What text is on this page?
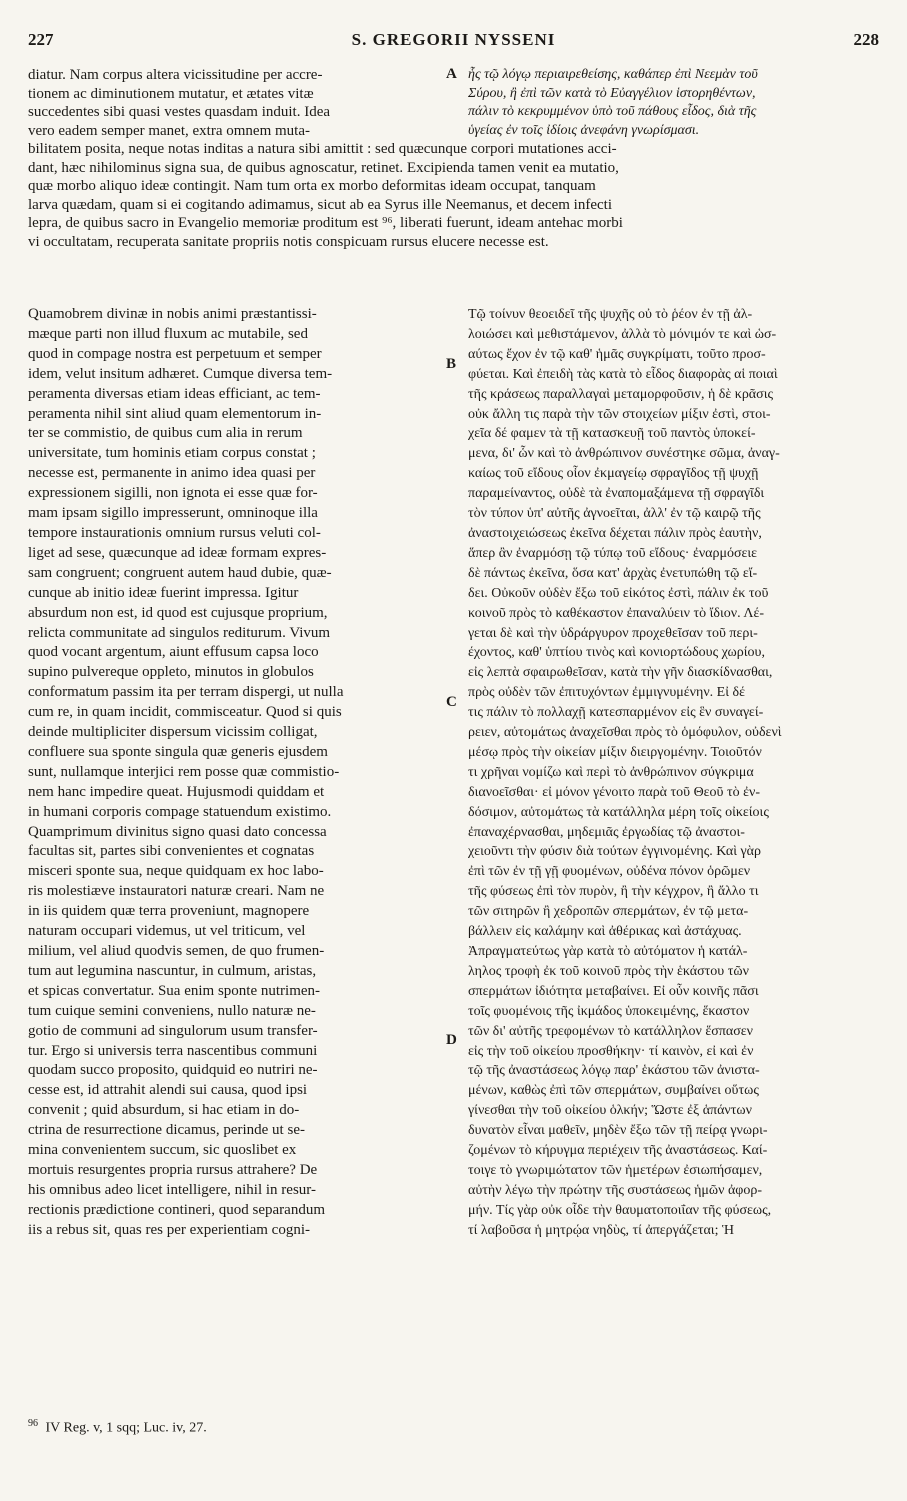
227	S. GREGORII NYSSENI	228
diatur. Nam corpus altera vicissitudine per accre-
tionem ac diminutionem mutatur, et ætates vitæ
succedentes sibi quasi vestes quasdam induit. Idea
vero eadem semper manet, extra omnem muta-
A ἧς τῷ λόγῳ περιαιρεθείσης, καθάπερ ἐπὶ Νεεμὰν τοῦ
Σύρου, ἢ ἐπὶ τῶν κατὰ τὸ Εὐαγγέλιον ἱστορηθέντων,
πάλιν τὸ κεκρυμμένον ὑπὸ τοῦ πάθους εἶδος, διὰ τῆς
ὑγείας ἐν τοῖς ἰδίοις ἀνεφάνη γνωρίσμασι.
bilitatem posita, neque notas inditas a natura sibi amittit : sed quæcunque corpori mutationes acci-
dant, hæc nihilominus signa sua, de quibus agnoscatur, retinet. Excipienda tamen venit ea mutatio,
quæ morbo aliquo ideæ contingit. Nam tum orta ex morbo deformitas ideam occupat, tanquam
larva quædam, quam si ei cogitando adimamus, sicut ab ea Syrus ille Neemanus, et decem infecti
lepra, de quibus sacro in Evangelio memoriæ proditum est ⁹⁶, liberati fuerunt, ideam antehac morbi
vi occultatam, recuperata sanitate propriis notis conspicuam rursus elucere necesse est.
Quamobrem divinæ in nobis animi præstantissi-
mæque parti non illud fluxum ac mutabile, sed
quod in compage nostra est perpetuum et semper
idem, velut insitum adhæret. Cumque diversa tem-
peramenta diversas etiam ideas efficiant, ac tem-
peramenta nihil sint aliud quam elementorum in-
ter se commistio, de quibus cum alia in rerum
universitate, tum hominis etiam corpus constat ;
necesse est, permanente in animo idea quasi per
expressionem sigilli, non ignota ei esse quæ for-
mam ipsam sigillo impresserunt, omninoque illa
tempore instaurationis omnium rursus veluti col-
liget ad sese, quæcunque ad ideæ formam expres-
sam congruent; congruent autem haud dubie, quæ-
cunque ab initio ideæ fuerint impressa. Igitur
absurdum non est, id quod est cujusque proprium,
relicta communitate ad singulos rediturum. Vivum
quod vocant argentum, aiunt effusum capsa loco
supino pulvereque oppleto, minutos in globulos
conformatum passim ita per terram dispergi, ut nulla
cum re, in quam incidit, commisceatur. Quod si quis
deinde multipliciter dispersum vicissim colligat,
confluere sua sponte singula quæ generis ejusdem
sunt, nullamque interjici rem posse quæ commistio-
nem hanc impedire queat. Hujusmodi quiddam et
in humani corporis compage statuendum existimo.
Quamprimum divinitus signo quasi dato concessa
facultas sit, partes sibi convenientes et cognatas
misceri sponte sua, neque quidquam ex hoc labo-
ris molestiæve instauratori naturæ creari. Nam ne
in iis quidem quæ terra proveniunt, magnopere
naturam occupari videmus, ut vel triticum, vel
milium, vel aliud quodvis semen, de quo frumen-
tum aut legumina nascuntur, in culmum, aristas,
et spicas convertatur. Sua enim sponte nutrimen-
tum cuique semini conveniens, nullo naturæ ne-
gotio de communi ad singulorum usum transfer-
tur. Ergo si universis terra nascentibus communi
quodam succo proposito, quidquid eo nutriri ne-
cesse est, id attrahit alendi sui causa, quod ipsi
convenit ; quid absurdum, si hac etiam in do-
ctrina de resurrectione dicamus, perinde ut se-
mina convenientem succum, sic quoslibet ex
mortuis resurgentes propria rursus attrahere? De
his omnibus adeo licet intelligere, nihil in resur-
rectionis prædictione contineri, quod separandum
iis a rebus sit, quas res per experientiam cogni-
B
C
D
Τῷ τοίνυν θεοειδεῖ τῆς ψυχῆς οὐ τὸ ῥέον ἐν τῇ ἀλ-
λοιώσει καὶ μεθιστάμενον, ἀλλὰ τὸ μόνιμόν τε καὶ ὡσ-
αύτως ἔχον ἐν τῷ καθ' ἡμᾶς συγκρίματι, τοῦτο προσ-
φύεται. Καὶ ἐπειδὴ τὰς κατὰ τὸ εἶδος διαφορὰς αἱ ποιαὶ
τῆς κράσεως παραλλαγαὶ μεταμορφοῦσιν, ἡ δὲ κρᾶσις
οὐκ ἄλλη τις παρὰ τὴν τῶν στοιχείων μίξιν ἐστὶ, στοι-
χεῖα δέ φαμεν τὰ τῇ κατασκευῇ τοῦ παντὸς ὑποκεί-
μενα, δι' ὧν καὶ τὸ ἀνθρώπινον συνέστηκε σῶμα, ἀναγ-
καίως τοῦ εἴδους οἷον ἐκμαγείῳ σφραγῖδος τῇ ψυχῇ
παραμείναντος, οὐδὲ τὰ ἐναπομαξάμενα τῇ σφραγῖδι
τὸν τύπον ὑπ' αὐτῆς ἀγνοεῖται, ἀλλ' ἐν τῷ καιρῷ τῆς
ἀναστοιχειώσεως ἐκεῖνα δέχεται πάλιν πρὸς ἑαυτὴν,
ἅπερ ἂν ἐναρμόσῃ τῷ τύπῳ τοῦ εἴδους· ἐναρμόσειε
δὲ πάντως ἐκεῖνα, ὅσα κατ' ἀρχὰς ἐνετυπώθη τῷ εἴ-
δει. Οὐκοῦν οὐδὲν ἔξω τοῦ εἰκότος ἐστὶ, πάλιν ἐκ τοῦ
κοινοῦ πρὸς τὸ καθέκαστον ἐπαναλύειν τὸ ἴδιον. Λέ-
γεται δὲ καὶ τὴν ὑδράργυρον προχεθεῖσαν τοῦ περι-
έχοντος, καθ' ὑπτίου τινὸς καὶ κονιορτώδους χωρίου,
εἰς λεπτὰ σφαιρωθεῖσαν, κατὰ τὴν γῆν διασκίδνασθαι,
πρὸς οὐδὲν τῶν ἐπιτυχόντων ἐμμιγνυμένην. Εἰ δέ
τις πάλιν τὸ πολλαχῇ κατεσπαρμένον εἰς ἓν συναγεί-
ρειεν, αὐτομάτως ἀναχεῖσθαι πρὸς τὸ ὁμόφυλον, οὐδενὶ
μέσῳ πρὸς τὴν οἰκείαν μίξιν διειργομένην. Τοιοῦτόν
τι χρῆναι νομίζω καὶ περὶ τὸ ἀνθρώπινον σύγκριμα
διανοεῖσθαι· εἰ μόνον γένοιτο παρὰ τοῦ Θεοῦ τὸ ἐν-
δόσιμον, αὐτομάτως τὰ κατάλληλα μέρη τοῖς οἰκείοις
ἐπαναχέρνασθαι, μηδεμιᾶς ἐργωδίας τῷ ἀναστοι-
χειοῦντι τὴν φύσιν διὰ τούτων ἐγγινομένης. Καὶ γὰρ
ἐπὶ τῶν ἐν τῇ γῇ φυομένων, οὐδένα πόνον ὁρῶμεν
τῆς φύσεως ἐπὶ τὸν πυρὸν, ἢ τὴν κέγχρον, ἢ ἄλλο τι
τῶν σιτηρῶν ἢ χεδροπῶν σπερμάτων, ἐν τῷ μετα-
βάλλειν εἰς καλάμην καὶ ἀθέρικας καὶ ἀστάχυας.
Ἀπραγματεύτως γὰρ κατὰ τὸ αὐτόματον ἡ κατάλ-
ληλος τροφὴ ἐκ τοῦ κοινοῦ πρὸς τὴν ἑκάστου τῶν
σπερμάτων ἰδιότητα μεταβαίνει. Εἰ οὖν κοινῆς πᾶσι
τοῖς φυομένοις τῆς ἰκμάδος ὑποκειμένης, ἕκαστον
τῶν δι' αὐτῆς τρεφομένων τὸ κατάλληλον ἕσπασεν
εἰς τὴν τοῦ οἰκείου προσθήκην· τί καινὸν, εἰ καὶ ἐν
τῷ τῆς ἀναστάσεως λόγῳ παρ' ἑκάστου τῶν ἀνιστα-
μένων, καθὼς ἐπὶ τῶν σπερμάτων, συμβαίνει οὕτως
γίνεσθαι τὴν τοῦ οἰκείου ὁλκήν; Ὥστε ἐξ ἁπάντων
δυνατὸν εἶναι μαθεῖν, μηδὲν ἔξω τῶν τῇ πείρᾳ γνωρι-
ζομένων τὸ κήρυγμα περιέχειν τῆς ἀναστάσεως. Καί-
τοιγε τὸ γνωριμώτατον τῶν ἡμετέρων ἐσιωπήσαμεν,
αὐτὴν λέγω τὴν πρώτην τῆς συστάσεως ἡμῶν ἀφορ-
μήν. Τίς γὰρ οὐκ οἶδε τὴν θαυματοποιΐαν τῆς φύσεως,
τί λαβοῦσα ἡ μητρῴα νηδὺς, τί ἀπεργάζεται; Ἡ
$^{96}$ IV Reg. v, 1 sqq; Luc. iv, 27.
